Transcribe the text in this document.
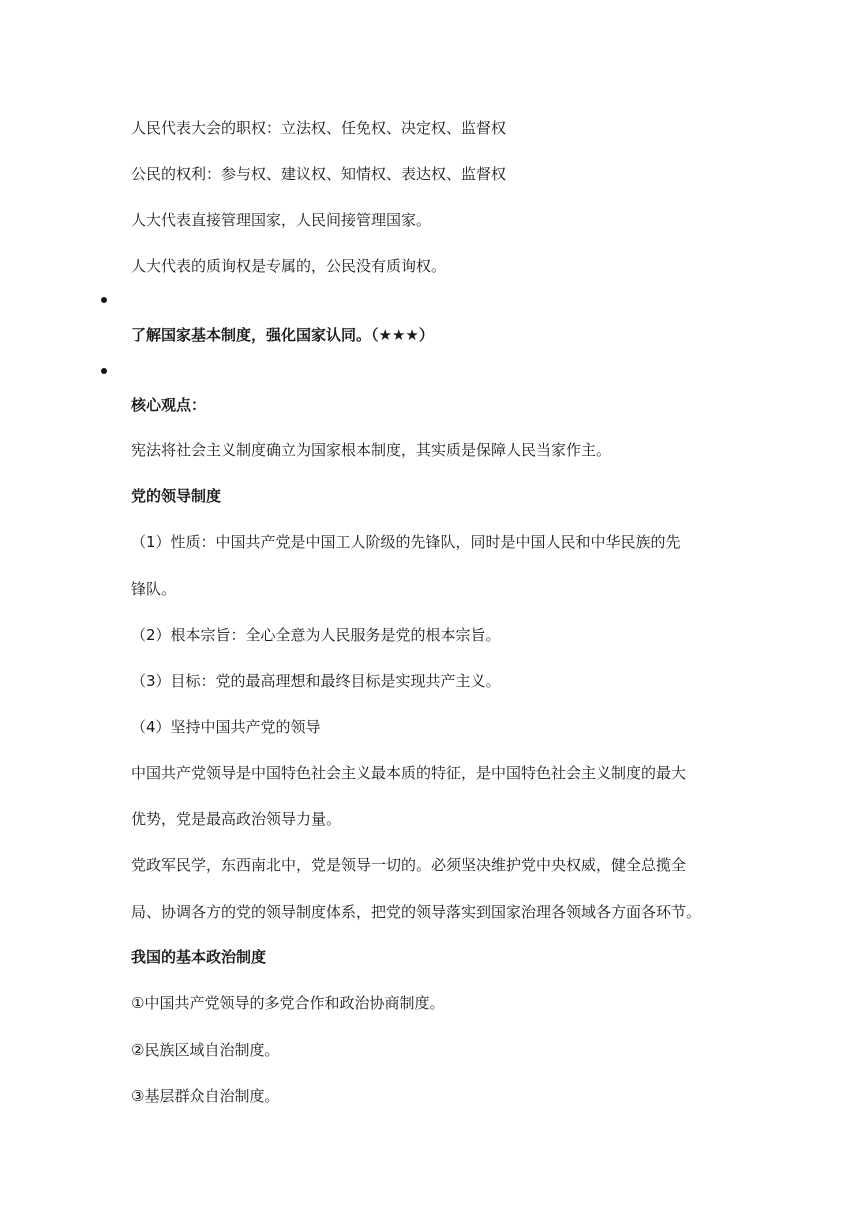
人民代表大会的职权：立法权、任免权、决定权、监督权
公民的权利：参与权、建议权、知情权、表达权、监督权
人大代表直接管理国家，人民间接管理国家。
人大代表的质询权是专属的，公民没有质询权。
了解国家基本制度，强化国家认同。（★★★）
核心观点：
宪法将社会主义制度确立为国家根本制度，其实质是保障人民当家作主。
党的领导制度
（1）性质：中国共产党是中国工人阶级的先锋队，同时是中国人民和中华民族的先
锋队。
（2）根本宗旨：全心全意为人民服务是党的根本宗旨。
（3）目标：党的最高理想和最终目标是实现共产主义。
（4）坚持中国共产党的领导
中国共产党领导是中国特色社会主义最本质的特征，是中国特色社会主义制度的最大
优势，党是最高政治领导力量。
党政军民学，东西南北中，党是领导一切的。必须坚决维护党中央权威，健全总揽全
局、协调各方的党的领导制度体系，把党的领导落实到国家治理各领域各方面各环节。
我国的基本政治制度
①中国共产党领导的多党合作和政治协商制度。
②民族区域自治制度。
③基层群众自治制度。
